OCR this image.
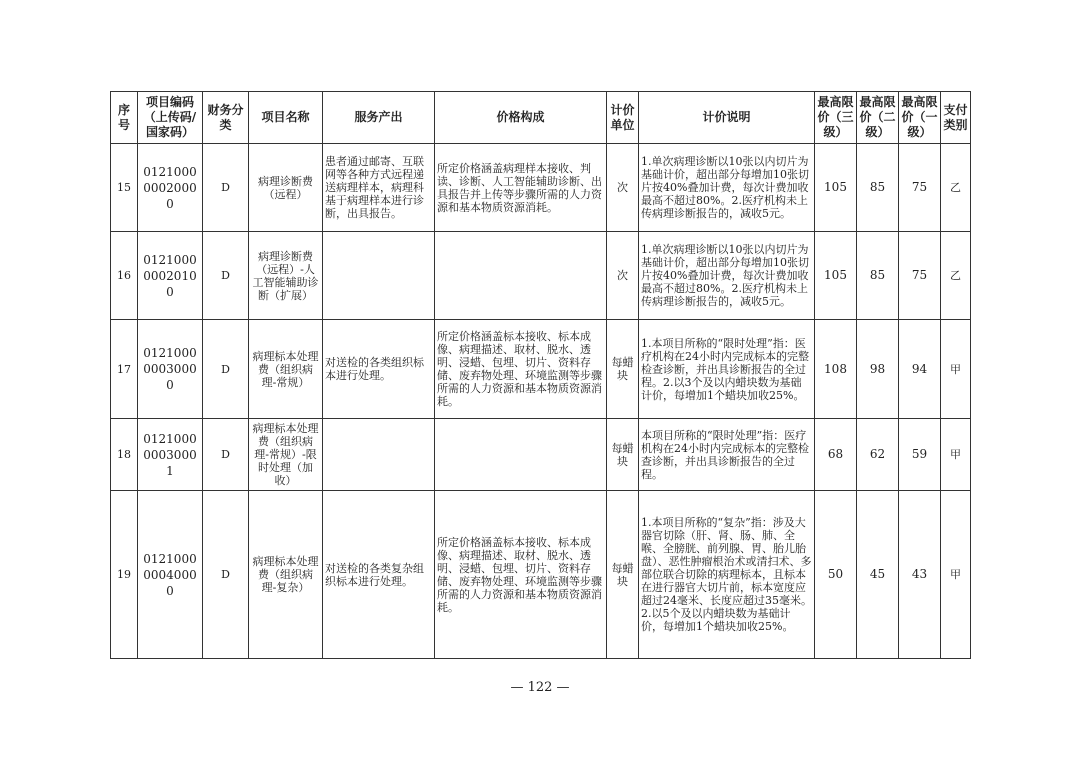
序号	项目编码（上传码/国家码）	财务分类	项目名称	服务产出	价格构成	计价单位	计价说明	最高限价（三级）	最高限价（二级）	最高限价（一级）	支付类别
15	012100000020000	D	病理诊断费（远程）	患者通过邮寄、互联网等各种方式远程递送病理样本，病理科基于病理样本进行诊断，出具报告。	所定价格涵盖病理样本接收、判读、诊断、人工智能辅助诊断、出具报告并上传等步骤所需的人力资源和基本物质资源消耗。	次	1.单次病理诊断以10张以内切片为基础计价，超出部分每增加10张切片按40%叠加计费，每次计费加收最高不超过80%。2.医疗机构未上传病理诊断报告的，减收5元。	105	85	75	乙
16	012100000020100	D	病理诊断费（远程）-人工智能辅助诊断（扩展）			次	1.单次病理诊断以10张以内切片为基础计价，超出部分每增加10张切片按40%叠加计费，每次计费加收最高不超过80%。2.医疗机构未上传病理诊断报告的，减收5元。	105	85	75	乙
17	012100000030000	D	病理标本处理费（组织病理-常规）	对送检的各类组织标本进行处理。	所定价格涵盖标本接收、标本成像、病理描述、取材、脱水、透明、浸蜡、包埋、切片、资料存储、废弃物处理、环境监测等步骤所需的人力资源和基本物质资源消耗。	每蜡块	1.本项目所称的“限时处理”指：医疗机构在24小时内完成标本的完整检查诊断，并出具诊断报告的全过程。2.以3个及以内蜡块数为基础计价，每增加1个蜡块加收25%。	108	98	94	甲
18	012100000030001	D	病理标本处理费（组织病理-常规）-限时处理（加收）			每蜡块	本项目所称的“限时处理”指：医疗机构在24小时内完成标本的完整检查诊断，并出具诊断报告的全过程。	68	62	59	甲
19	012100000040000	D	病理标本处理费（组织病理-复杂）	对送检的各类复杂组织标本进行处理。	所定价格涵盖标本接收、标本成像、病理描述、取材、脱水、透明、浸蜡、包埋、切片、资料存储、废弃物处理、环境监测等步骤所需的人力资源和基本物质资源消耗。	每蜡块	1.本项目所称的“复杂”指：涉及大器官切除（肝、肾、肠、肺、全喉、全膀胱、前列腺、胃、胎儿胎盘）、恶性肿瘤根治术或清扫术、多部位联合切除的病理标本，且标本在进行器官大切片前，标本宽度应超过24毫米、长度应超过35毫米。2.以5个及以内蜡块数为基础计价，每增加1个蜡块加收25%。	50	45	43	甲
— 122 —
